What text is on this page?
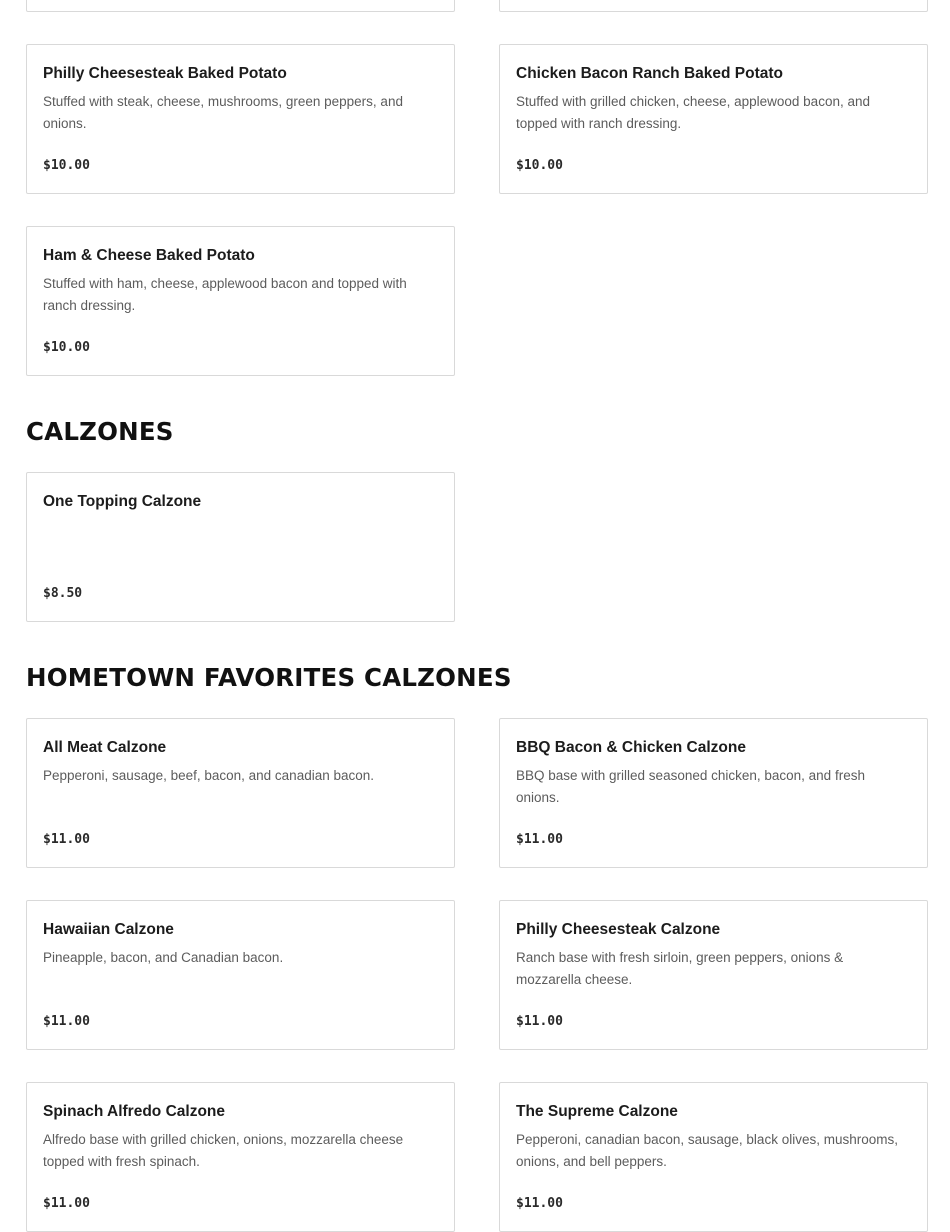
Philly Cheesesteak Baked Potato
Stuffed with steak, cheese, mushrooms, green peppers, and onions.
$10.00
Chicken Bacon Ranch Baked Potato
Stuffed with grilled chicken, cheese, applewood bacon, and topped with ranch dressing.
$10.00
Ham & Cheese Baked Potato
Stuffed with ham, cheese, applewood bacon and topped with ranch dressing.
$10.00
CALZONES
One Topping Calzone
$8.50
HOMETOWN FAVORITES CALZONES
All Meat Calzone
Pepperoni, sausage, beef, bacon, and canadian bacon.
$11.00
BBQ Bacon & Chicken Calzone
BBQ base with grilled seasoned chicken, bacon, and fresh onions.
$11.00
Hawaiian Calzone
Pineapple, bacon, and Canadian bacon.
$11.00
Philly Cheesesteak Calzone
Ranch base with fresh sirloin, green peppers, onions & mozzarella cheese.
$11.00
Spinach Alfredo Calzone
Alfredo base with grilled chicken, onions, mozzarella cheese topped with fresh spinach.
$11.00
The Supreme Calzone
Pepperoni, canadian bacon, sausage, black olives, mushrooms, onions, and bell peppers.
$11.00
